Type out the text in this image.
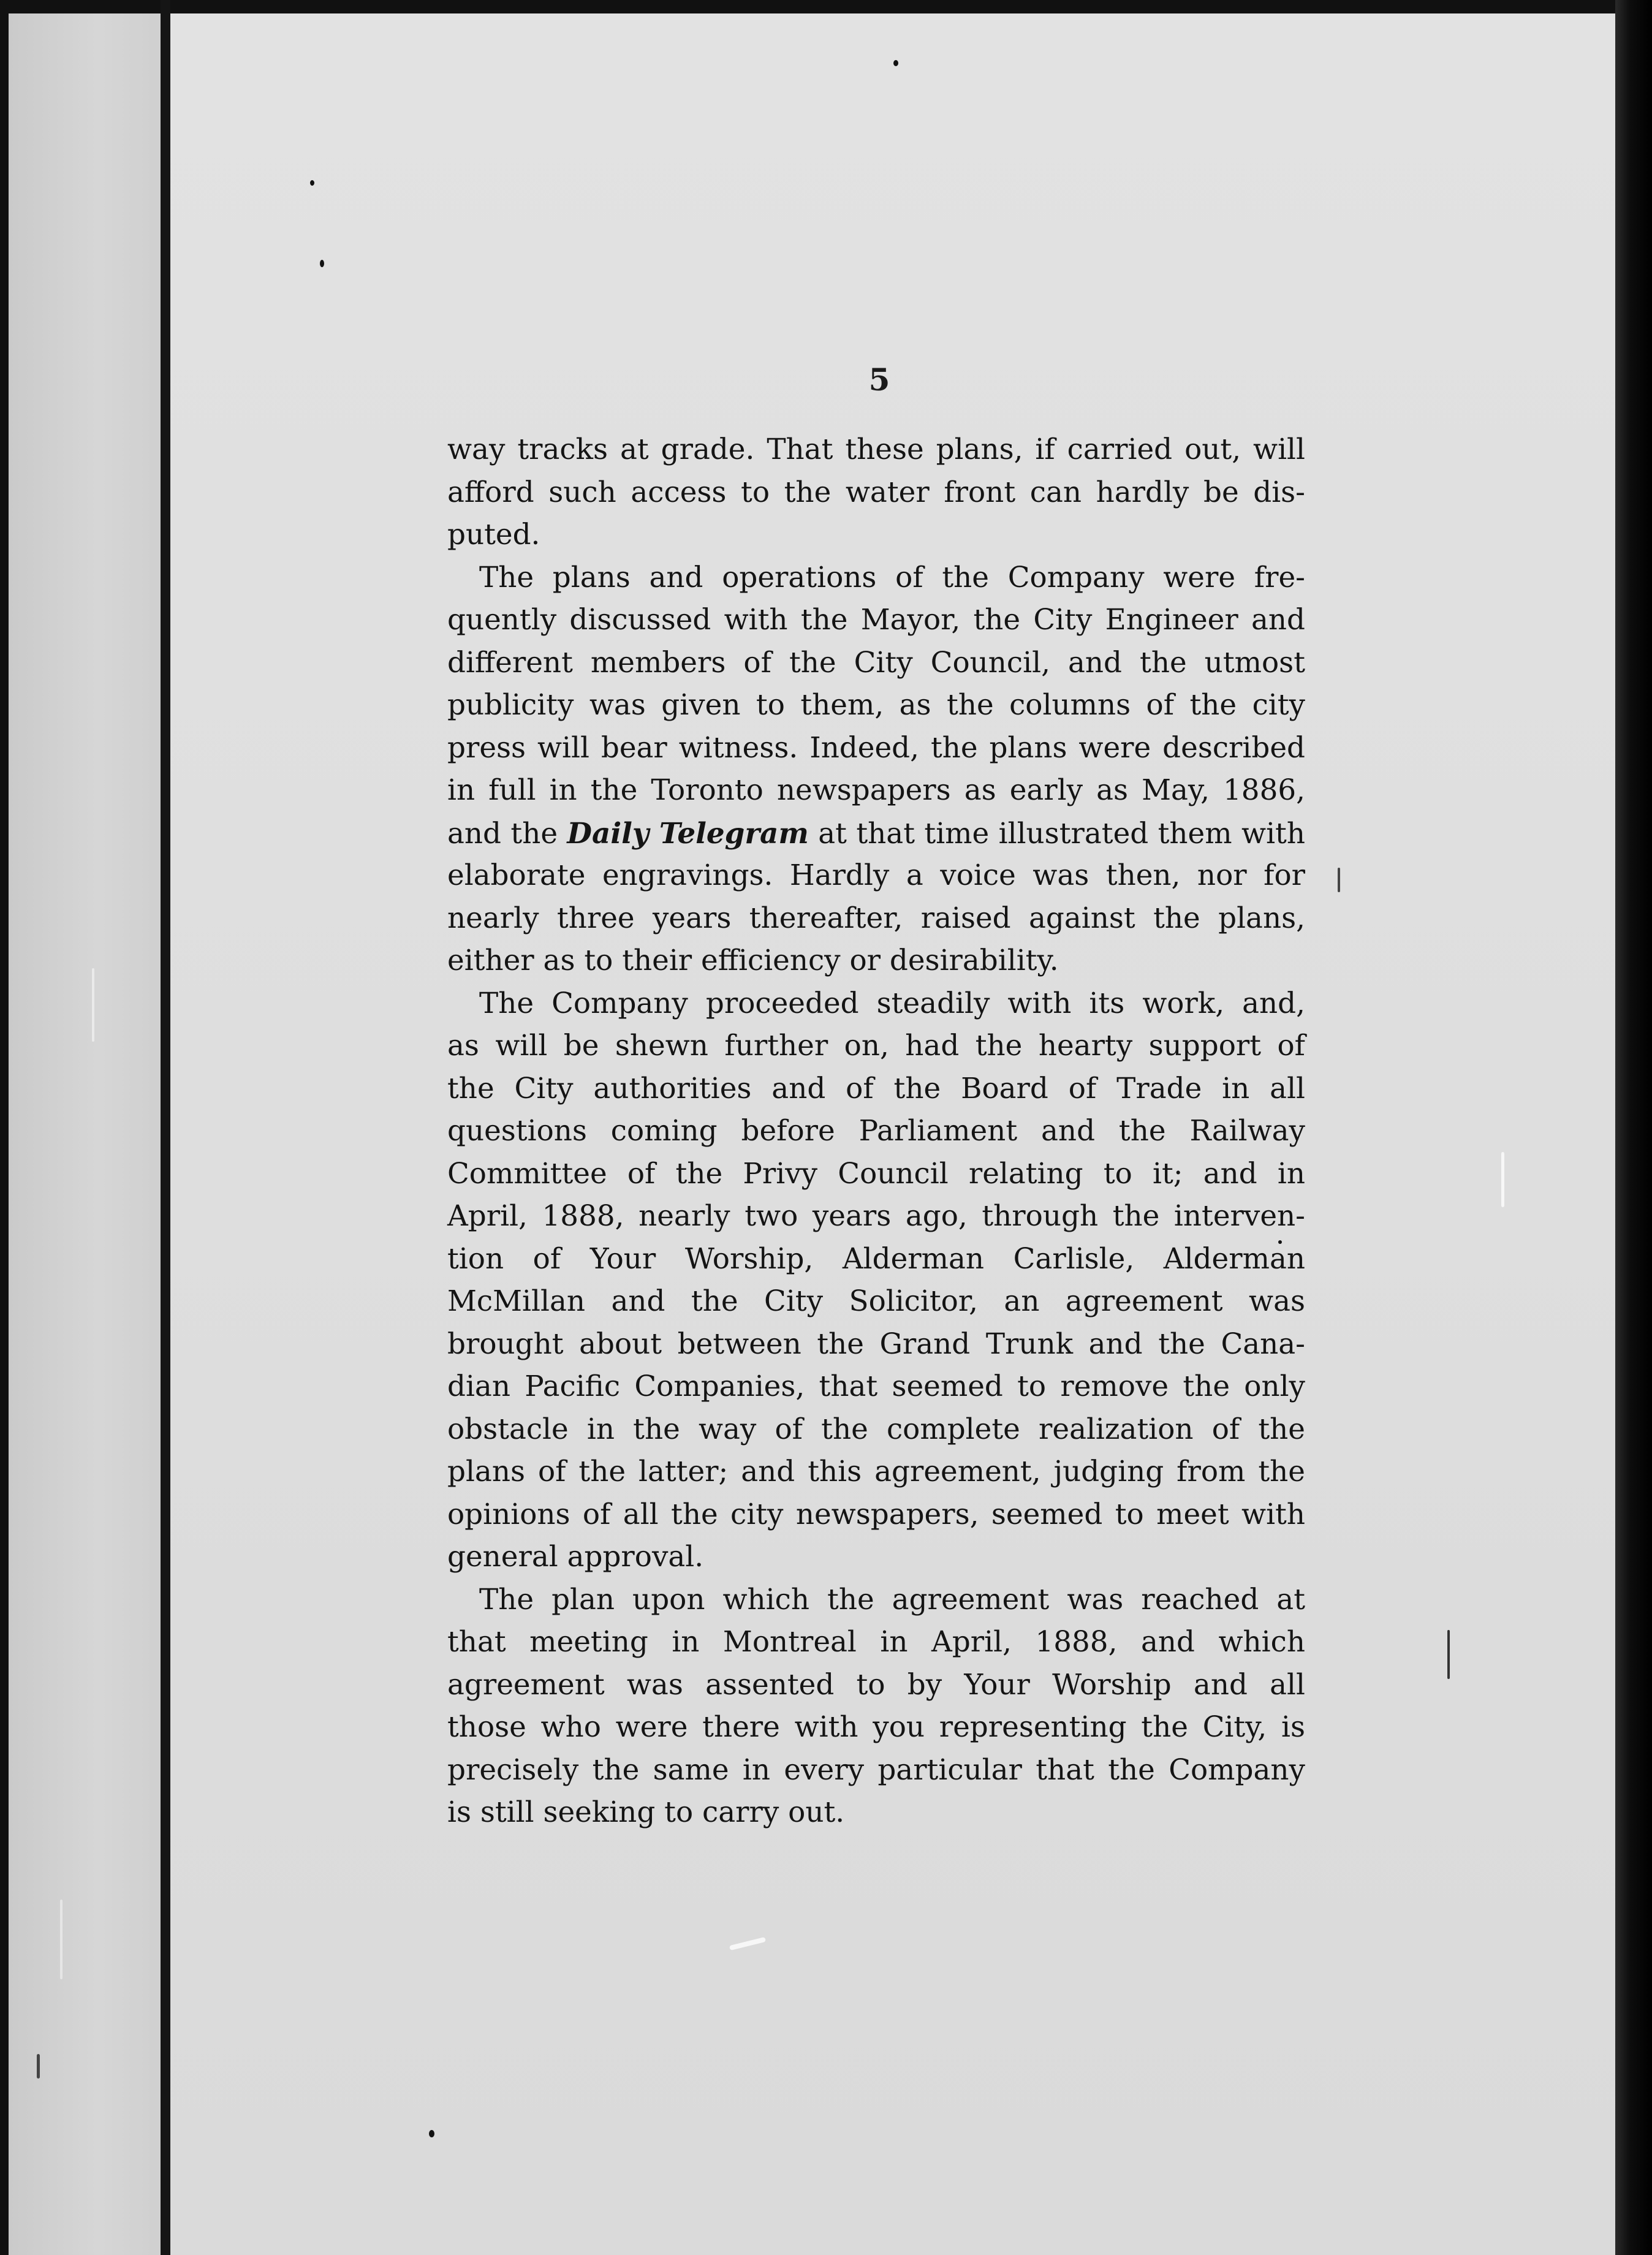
5
way tracks at grade. That these plans, if carried out, will
afford such access to the water front can hardly be dis-
puted.
The plans and operations of the Company were fre-
quently discussed with the Mayor, the City Engineer and
different members of the City Council, and the utmost
publicity was given to them, as the columns of the city
press will bear witness. Indeed, the plans were described
in full in the Toronto newspapers as early as May, 1886,
and the Daily Telegram at that time illustrated them with
elaborate engravings. Hardly a voice was then, nor for
nearly three years thereafter, raised against the plans,
either as to their efficiency or desirability.
The Company proceeded steadily with its work, and,
as will be shewn further on, had the hearty support of
the City authorities and of the Board of Trade in all
questions coming before Parliament and the Railway
Committee of the Privy Council relating to it; and in
April, 1888, nearly two years ago, through the interven-
tion of Your Worship, Alderman Carlisle, Alderman
McMillan and the City Solicitor, an agreement was
brought about between the Grand Trunk and the Cana-
dian Pacific Companies, that seemed to remove the only
obstacle in the way of the complete realization of the
plans of the latter; and this agreement, judging from the
opinions of all the city newspapers, seemed to meet with
general approval.
The plan upon which the agreement was reached at
that meeting in Montreal in April, 1888, and which
agreement was assented to by Your Worship and all
those who were there with you representing the City, is
precisely the same in every particular that the Company
is still seeking to carry out.
